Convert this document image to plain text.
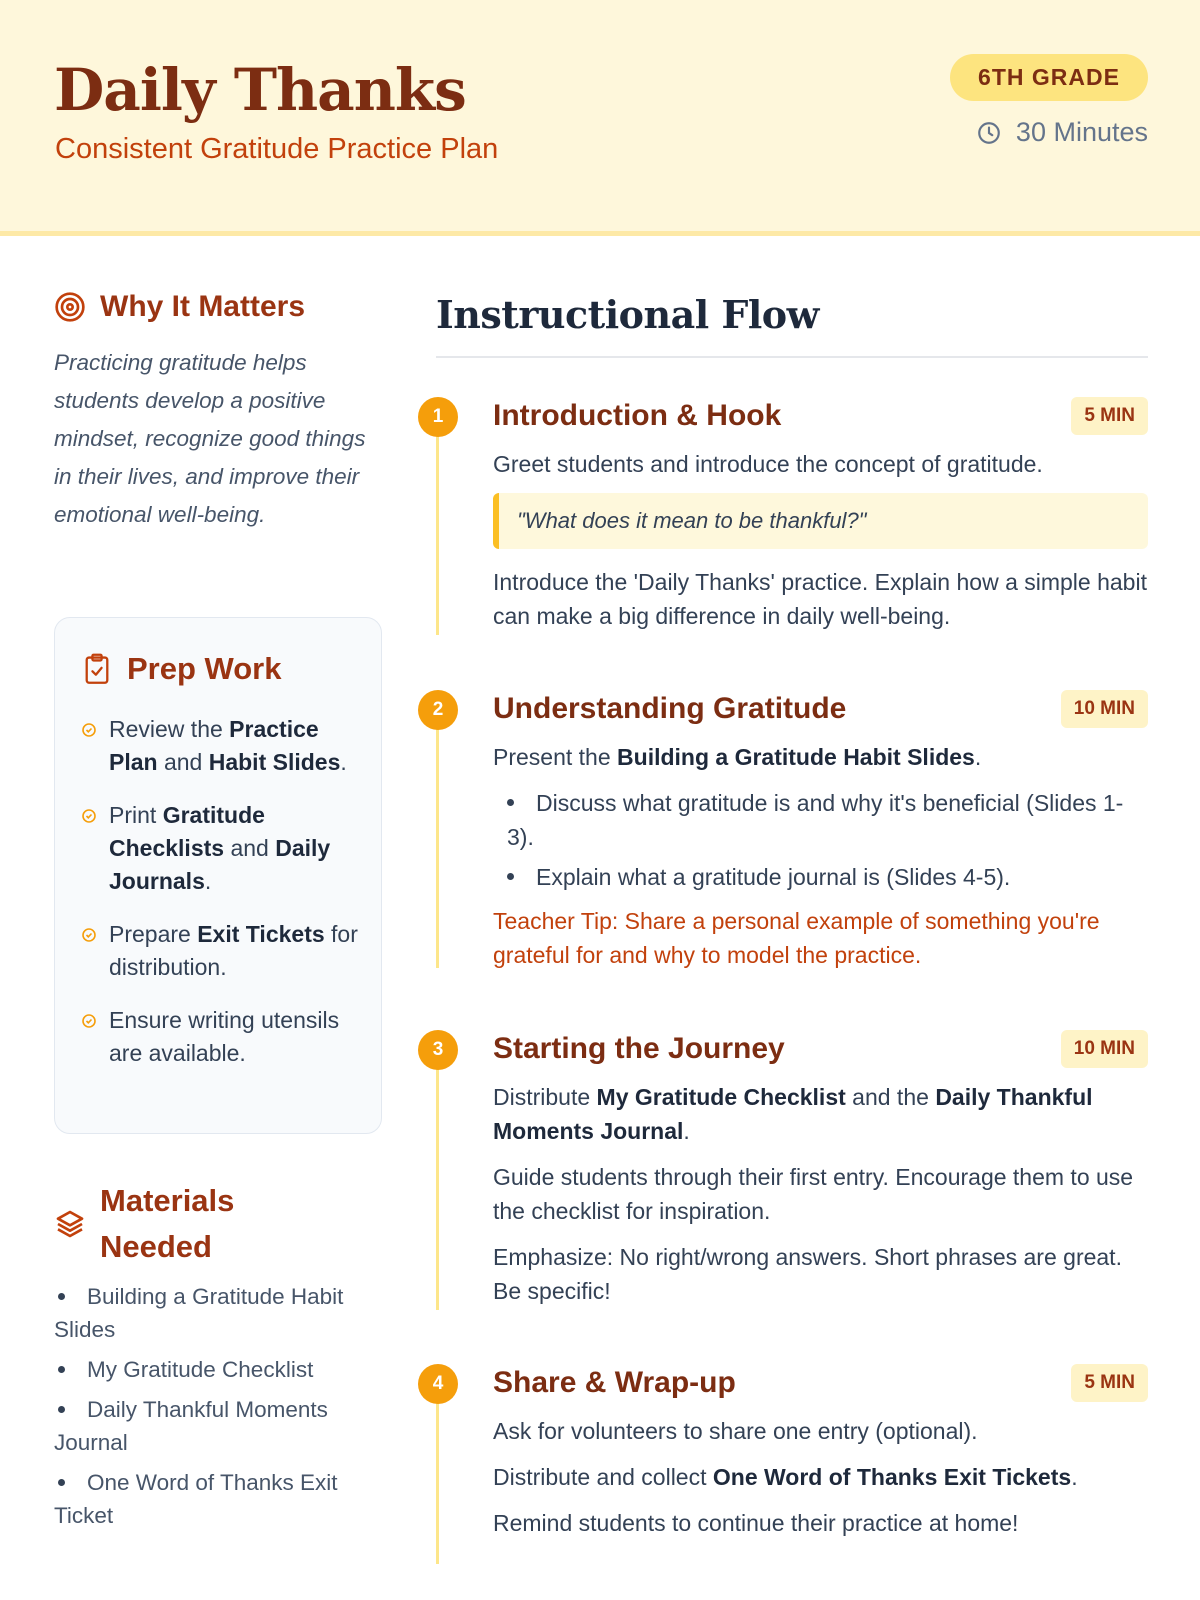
Daily Thanks
Consistent Gratitude Practice Plan
6TH GRADE
30 Minutes
Why It Matters

Practicing gratitude helps students develop a positive mindset, recognize good things in their lives, and improve their emotional well-being.

Prep Work
Review the Practice Plan and Habit Slides.
Print Gratitude Checklists and Daily Journals.
Prepare Exit Tickets for distribution.
Ensure writing utensils are available.
Materials Needed
Building a Gratitude Habit Slides
My Gratitude Checklist
Daily Thankful Moments Journal
One Word of Thanks Exit Ticket
Instructional Flow
1	Introduction & Hook	5 MIN

Greet students and introduce the concept of gratitude.

"What does it mean to be thankful?"

Introduce the 'Daily Thanks' practice. Explain how a simple habit can make a big difference in daily well-being.

2	Understanding Gratitude	10 MIN

Present the Building a Gratitude Habit Slides.

Discuss what gratitude is and why it's beneficial (Slides 1-3).
Explain what a gratitude journal is (Slides 4-5).

Teacher Tip: Share a personal example of something you're grateful for and why to model the practice.

3	Starting the Journey	10 MIN

Distribute My Gratitude Checklist and the Daily Thankful Moments Journal.

Guide students through their first entry. Encourage them to use the checklist for inspiration.

Emphasize: No right/wrong answers. Short phrases are great. Be specific!

4	Share & Wrap-up	5 MIN

Ask for volunteers to share one entry (optional).

Distribute and collect One Word of Thanks Exit Tickets.

Remind students to continue their practice at home!
